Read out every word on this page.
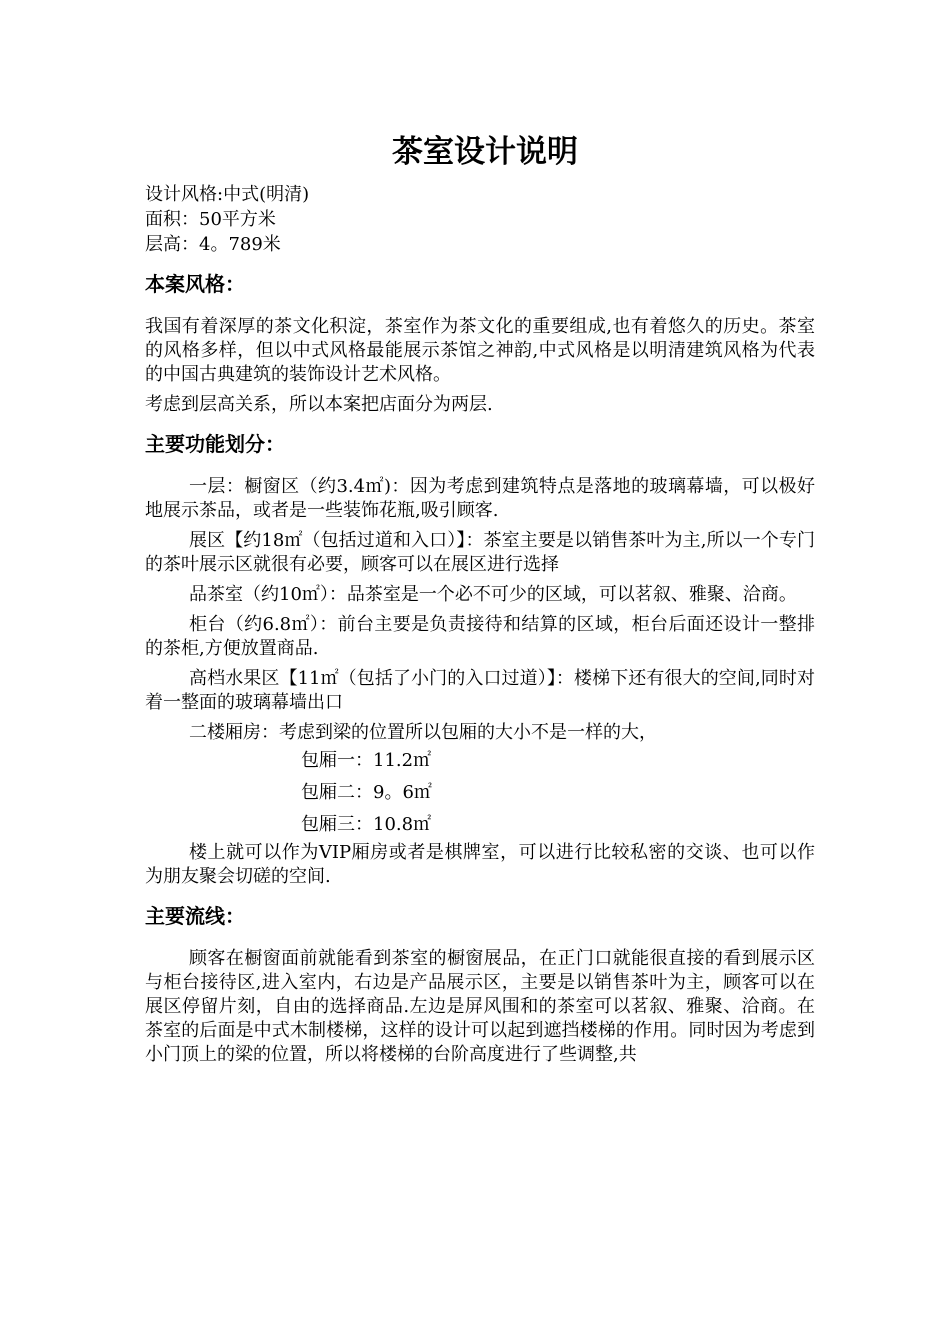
茶室设计说明
设计风格:中式(明清)
面积：50平方米
层高：4。789米
本案风格：

我国有着深厚的茶文化积淀，茶室作为茶文化的重要组成,也有着悠久的历史。茶室的风格多样，但以中式风格最能展示茶馆之神韵,中式风格是以明清建筑风格为代表的中国古典建筑的装饰设计艺术风格。

考虑到层高关系，所以本案把店面分为两层.

主要功能划分：

一层：橱窗区（约3.4㎡)：因为考虑到建筑特点是落地的玻璃幕墙，可以极好地展示茶品，或者是一些装饰花瓶,吸引顾客.

展区【约18㎡（包括过道和入口）】：茶室主要是以销售茶叶为主,所以一个专门的茶叶展示区就很有必要，顾客可以在展区进行选择

品茶室（约10㎡）：品茶室是一个必不可少的区域，可以茗叙、雅聚、洽商。

柜台（约6.8㎡）：前台主要是负责接待和结算的区域，柜台后面还设计一整排的茶柜,方便放置商品.

高档水果区【11㎡（包括了小门的入口过道）】：楼梯下还有很大的空间,同时对着一整面的玻璃幕墙出口

二楼厢房：考虑到梁的位置所以包厢的大小不是一样的大，

包厢一：11.2㎡
包厢二：9。6㎡
包厢三：10.8㎡

楼上就可以作为VIP厢房或者是棋牌室，可以进行比较私密的交谈、也可以作为朋友聚会切磋的空间.

主要流线：

顾客在橱窗面前就能看到茶室的橱窗展品，在正门口就能很直接的看到展示区与柜台接待区,进入室内，右边是产品展示区，主要是以销售茶叶为主，顾客可以在展区停留片刻，自由的选择商品.左边是屏风围和的茶室可以茗叙、雅聚、洽商。在茶室的后面是中式木制楼梯，这样的设计可以起到遮挡楼梯的作用。同时因为考虑到小门顶上的梁的位置，所以将楼梯的台阶高度进行了些调整,共
